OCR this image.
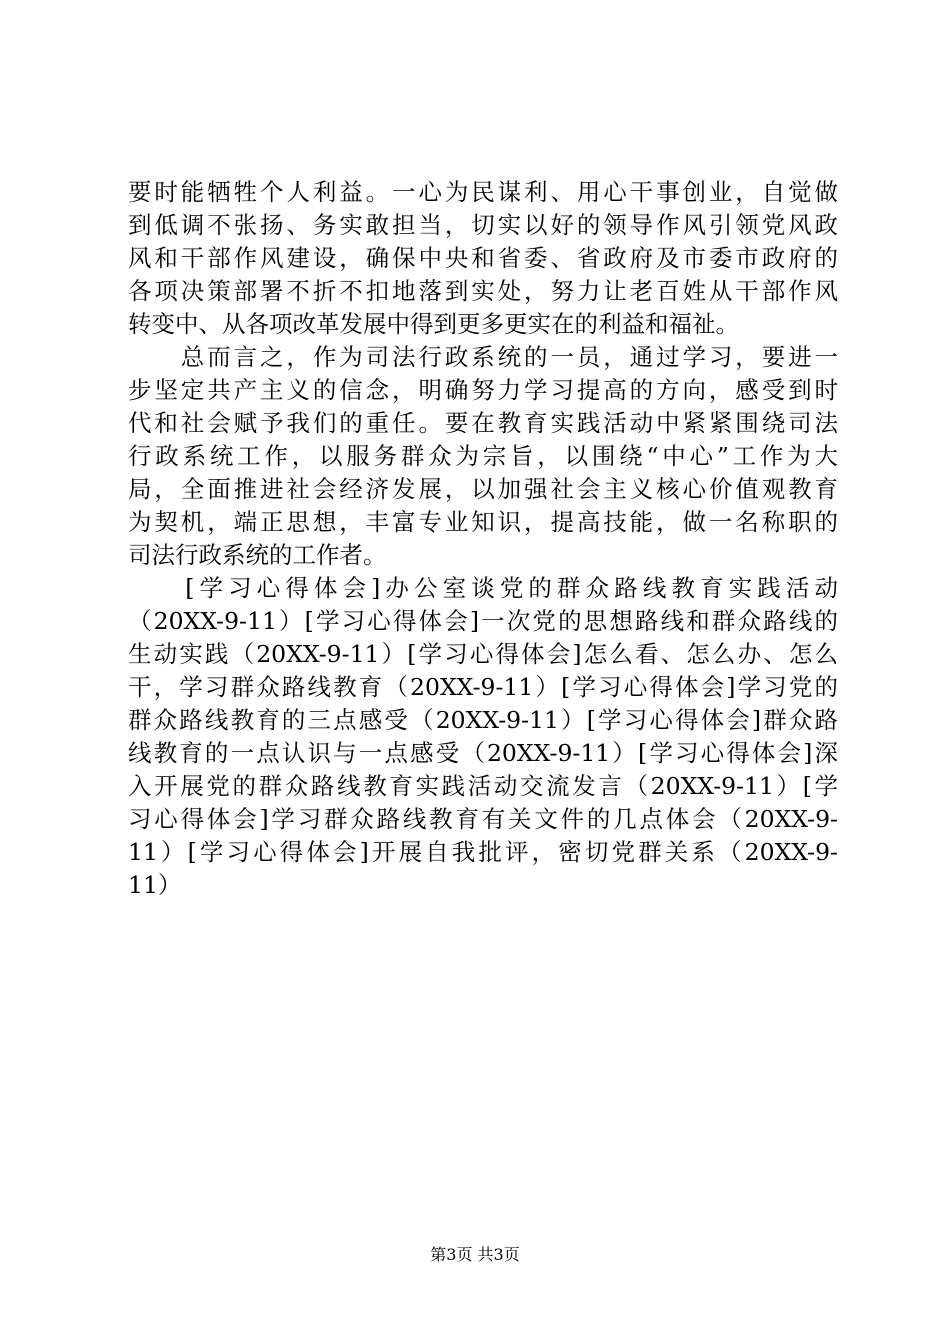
要时能牺牲个人利益。一心为民谋利、用心干事创业，自觉做
到低调不张扬、务实敢担当，切实以好的领导作风引领党风政
风和干部作风建设，确保中央和省委、省政府及市委市政府的
各项决策部署不折不扣地落到实处，努力让老百姓从干部作风
转变中、从各项改革发展中得到更多更实在的利益和福祉。
　　总而言之，作为司法行政系统的一员，通过学习，要进一
步坚定共产主义的信念，明确努力学习提高的方向，感受到时
代和社会赋予我们的重任。要在教育实践活动中紧紧围绕司法
行政系统工作，以服务群众为宗旨，以围绕“中心”工作为大
局，全面推进社会经济发展，以加强社会主义核心价值观教育
为契机，端正思想，丰富专业知识，提高技能，做一名称职的
司法行政系统的工作者。
　　[学习心得体会]办公室谈党的群众路线教育实践活动
（20XX-9-11）[学习心得体会]一次党的思想路线和群众路线的
生动实践（20XX-9-11）[学习心得体会]怎么看、怎么办、怎么
干，学习群众路线教育（20XX-9-11）[学习心得体会]学习党的
群众路线教育的三点感受（20XX-9-11）[学习心得体会]群众路
线教育的一点认识与一点感受（20XX-9-11）[学习心得体会]深
入开展党的群众路线教育实践活动交流发言（20XX-9-11）[学
习心得体会]学习群众路线教育有关文件的几点体会（20XX-9-
11）[学习心得体会]开展自我批评，密切党群关系（20XX-9-
11）
第3页 共3页
